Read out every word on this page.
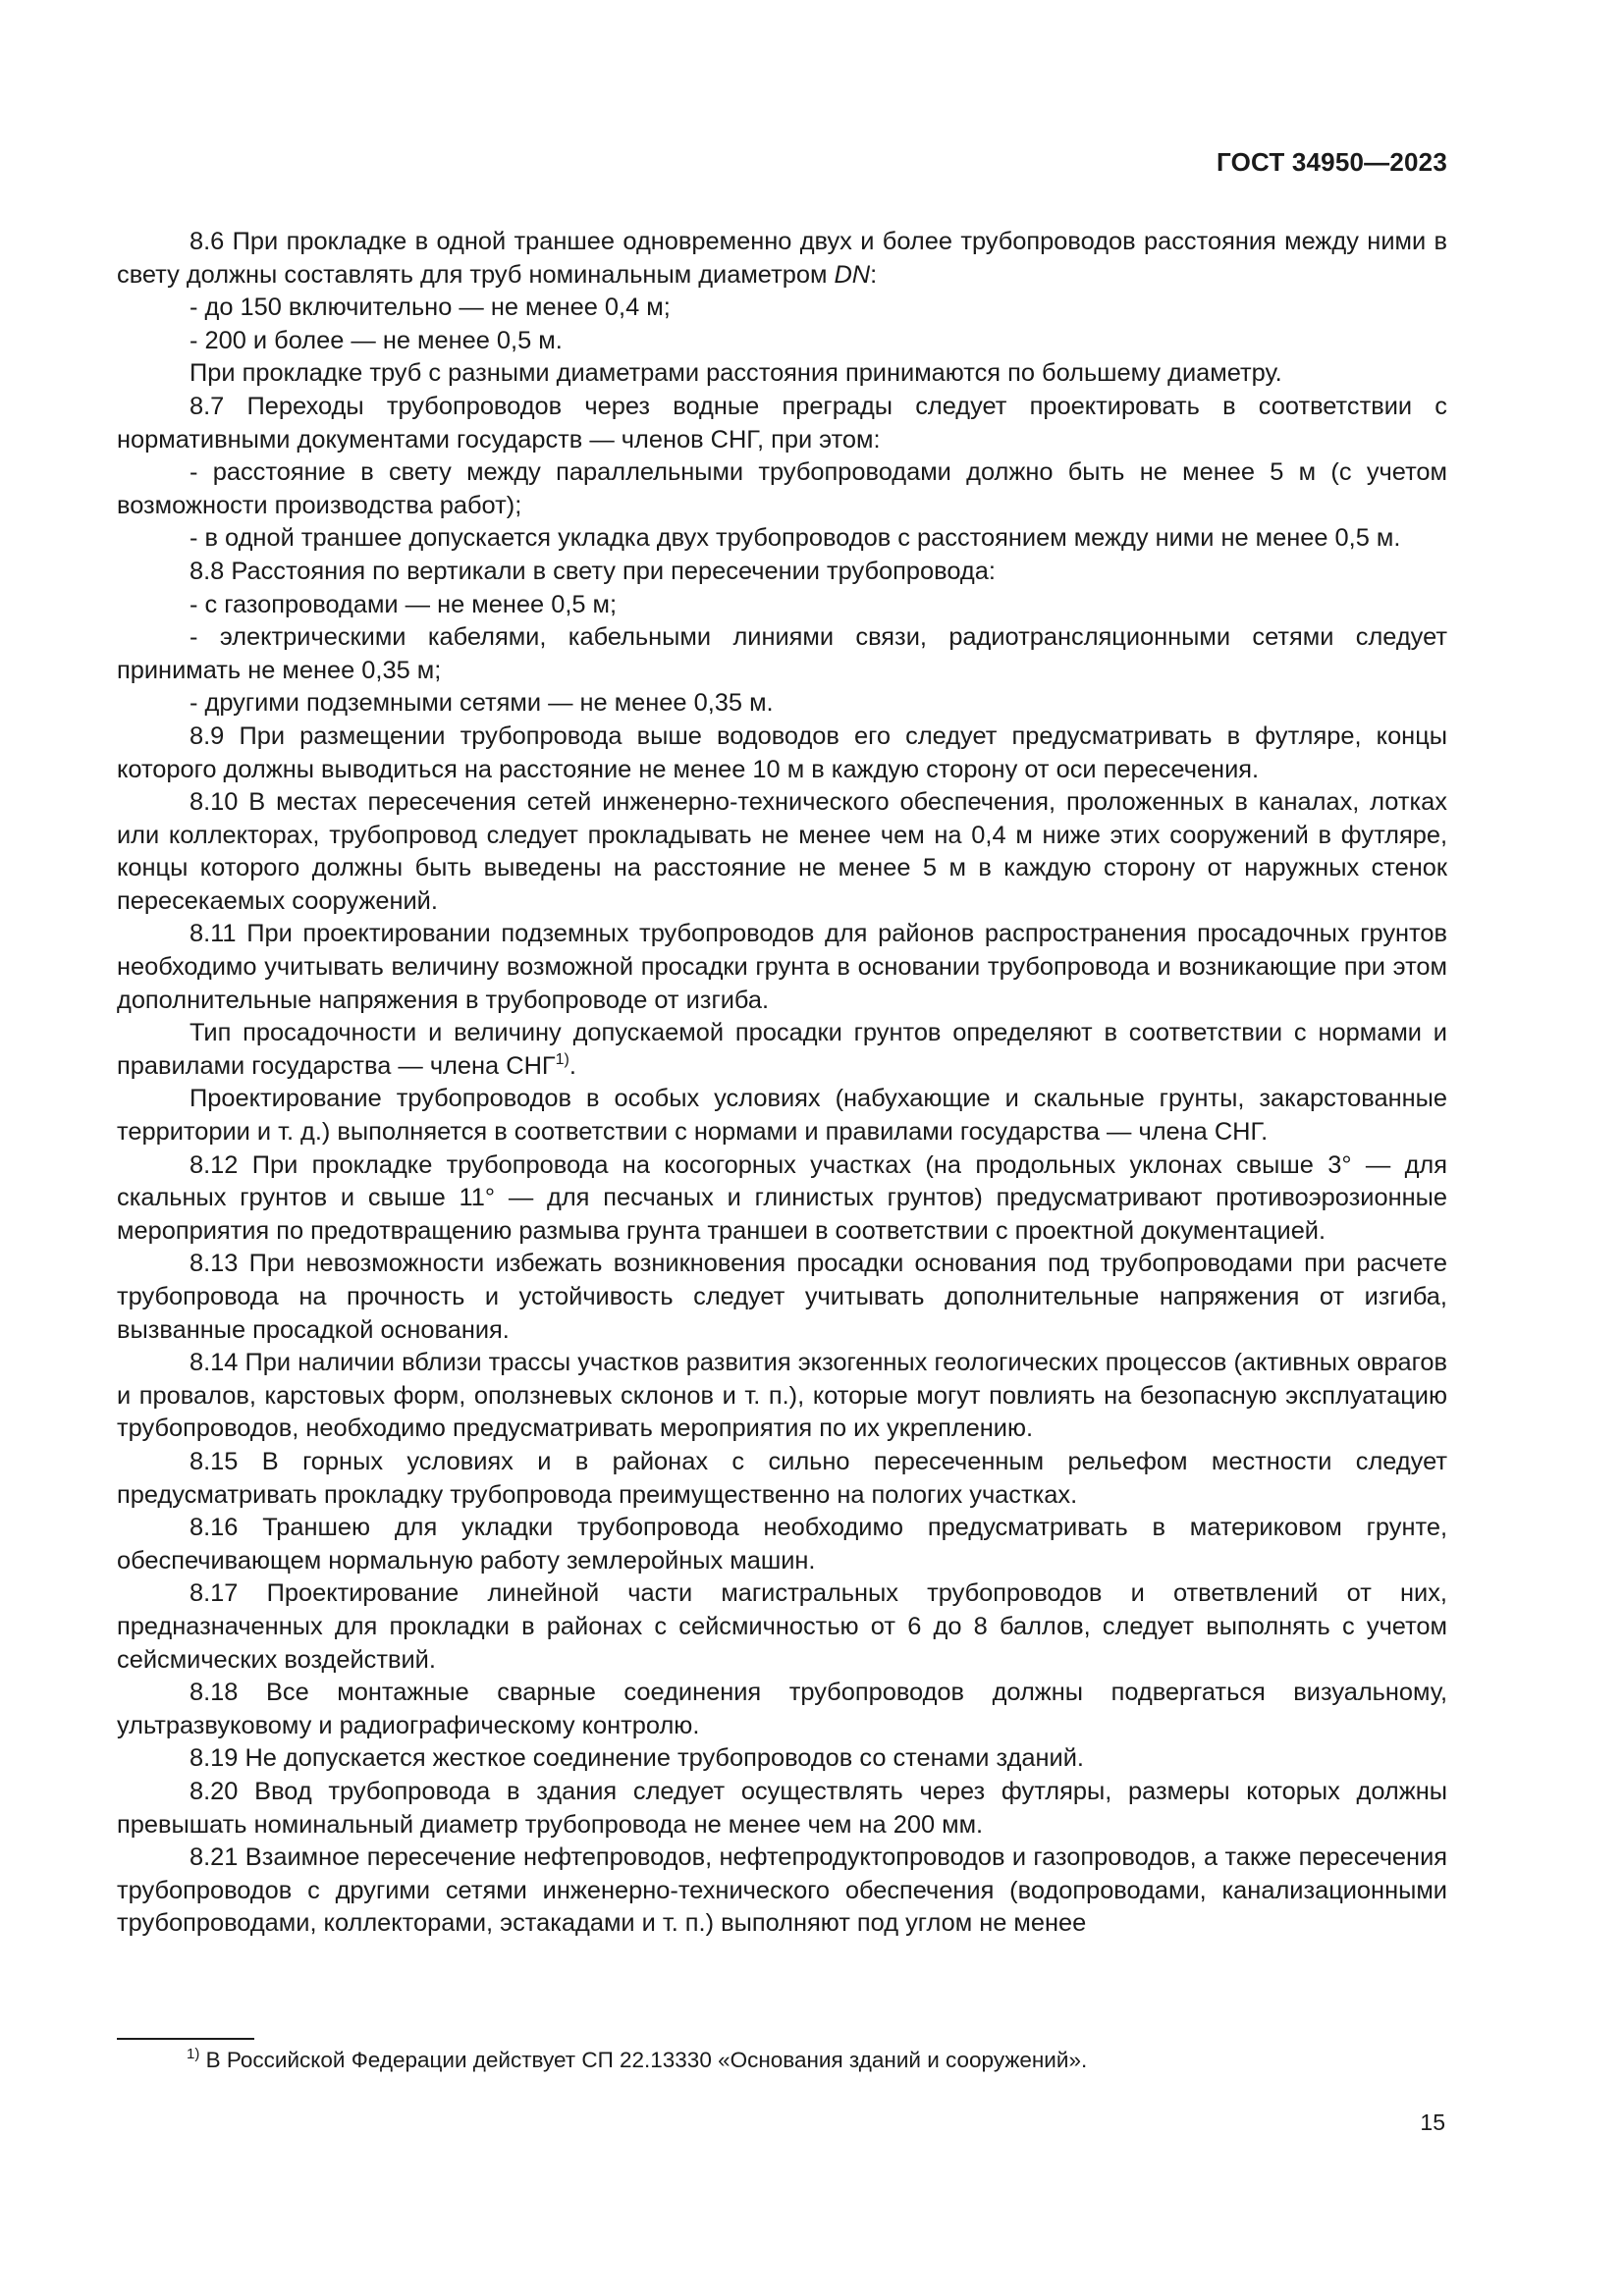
ГОСТ 34950—2023

8.6 При прокладке в одной траншее одновременно двух и более трубопроводов расстояния между ними в свету должны составлять для труб номинальным диаметром DN:

- до 150 включительно — не менее 0,4 м;

- 200 и более — не менее 0,5 м.

При прокладке труб с разными диаметрами расстояния принимаются по большему диаметру.

8.7 Переходы трубопроводов через водные преграды следует проектировать в соответствии с нормативными документами государств — членов СНГ, при этом:

- расстояние в свету между параллельными трубопроводами должно быть не менее 5 м (с учетом возможности производства работ);

- в одной траншее допускается укладка двух трубопроводов с расстоянием между ними не менее 0,5 м.

8.8 Расстояния по вертикали в свету при пересечении трубопровода:

- с газопроводами — не менее 0,5 м;

- электрическими кабелями, кабельными линиями связи, радиотрансляционными сетями следует принимать не менее 0,35 м;

- другими подземными сетями — не менее 0,35 м.

8.9 При размещении трубопровода выше водоводов его следует предусматривать в футляре, концы которого должны выводиться на расстояние не менее 10 м в каждую сторону от оси пересечения.

8.10 В местах пересечения сетей инженерно-технического обеспечения, проложенных в каналах, лотках или коллекторах, трубопровод следует прокладывать не менее чем на 0,4 м ниже этих сооружений в футляре, концы которого должны быть выведены на расстояние не менее 5 м в каждую сторону от наружных стенок пересекаемых сооружений.

8.11 При проектировании подземных трубопроводов для районов распространения просадочных грунтов необходимо учитывать величину возможной просадки грунта в основании трубопровода и возникающие при этом дополнительные напряжения в трубопроводе от изгиба.

Тип просадочности и величину допускаемой просадки грунтов определяют в соответствии с нормами и правилами государства — члена СНГ$^{1)}$.

Проектирование трубопроводов в особых условиях (набухающие и скальные грунты, закарстованные территории и т. д.) выполняется в соответствии с нормами и правилами государства — члена СНГ.

8.12 При прокладке трубопровода на косогорных участках (на продольных уклонах свыше 3° — для скальных грунтов и свыше 11° — для песчаных и глинистых грунтов) предусматривают противоэрозионные мероприятия по предотвращению размыва грунта траншеи в соответствии с проектной документацией.

8.13 При невозможности избежать возникновения просадки основания под трубопроводами при расчете трубопровода на прочность и устойчивость следует учитывать дополнительные напряжения от изгиба, вызванные просадкой основания.

8.14 При наличии вблизи трассы участков развития экзогенных геологических процессов (активных оврагов и провалов, карстовых форм, оползневых склонов и т. п.), которые могут повлиять на безопасную эксплуатацию трубопроводов, необходимо предусматривать мероприятия по их укреплению.

8.15 В горных условиях и в районах с сильно пересеченным рельефом местности следует предусматривать прокладку трубопровода преимущественно на пологих участках.

8.16 Траншею для укладки трубопровода необходимо предусматривать в материковом грунте, обеспечивающем нормальную работу землеройных машин.

8.17 Проектирование линейной части магистральных трубопроводов и ответвлений от них, предназначенных для прокладки в районах с сейсмичностью от 6 до 8 баллов, следует выполнять с учетом сейсмических воздействий.

8.18 Все монтажные сварные соединения трубопроводов должны подвергаться визуальному, ультразвуковому и радиографическому контролю.

8.19 Не допускается жесткое соединение трубопроводов со стенами зданий.

8.20 Ввод трубопровода в здания следует осуществлять через футляры, размеры которых должны превышать номинальный диаметр трубопровода не менее чем на 200 мм.

8.21 Взаимное пересечение нефтепроводов, нефтепродуктопроводов и газопроводов, а также пересечения трубопроводов с другими сетями инженерно-технического обеспечения (водопроводами, канализационными трубопроводами, коллекторами, эстакадами и т. п.) выполняют под углом не менее

$^{1)}$ В Российской Федерации действует СП 22.13330 «Основания зданий и сооружений».
15
